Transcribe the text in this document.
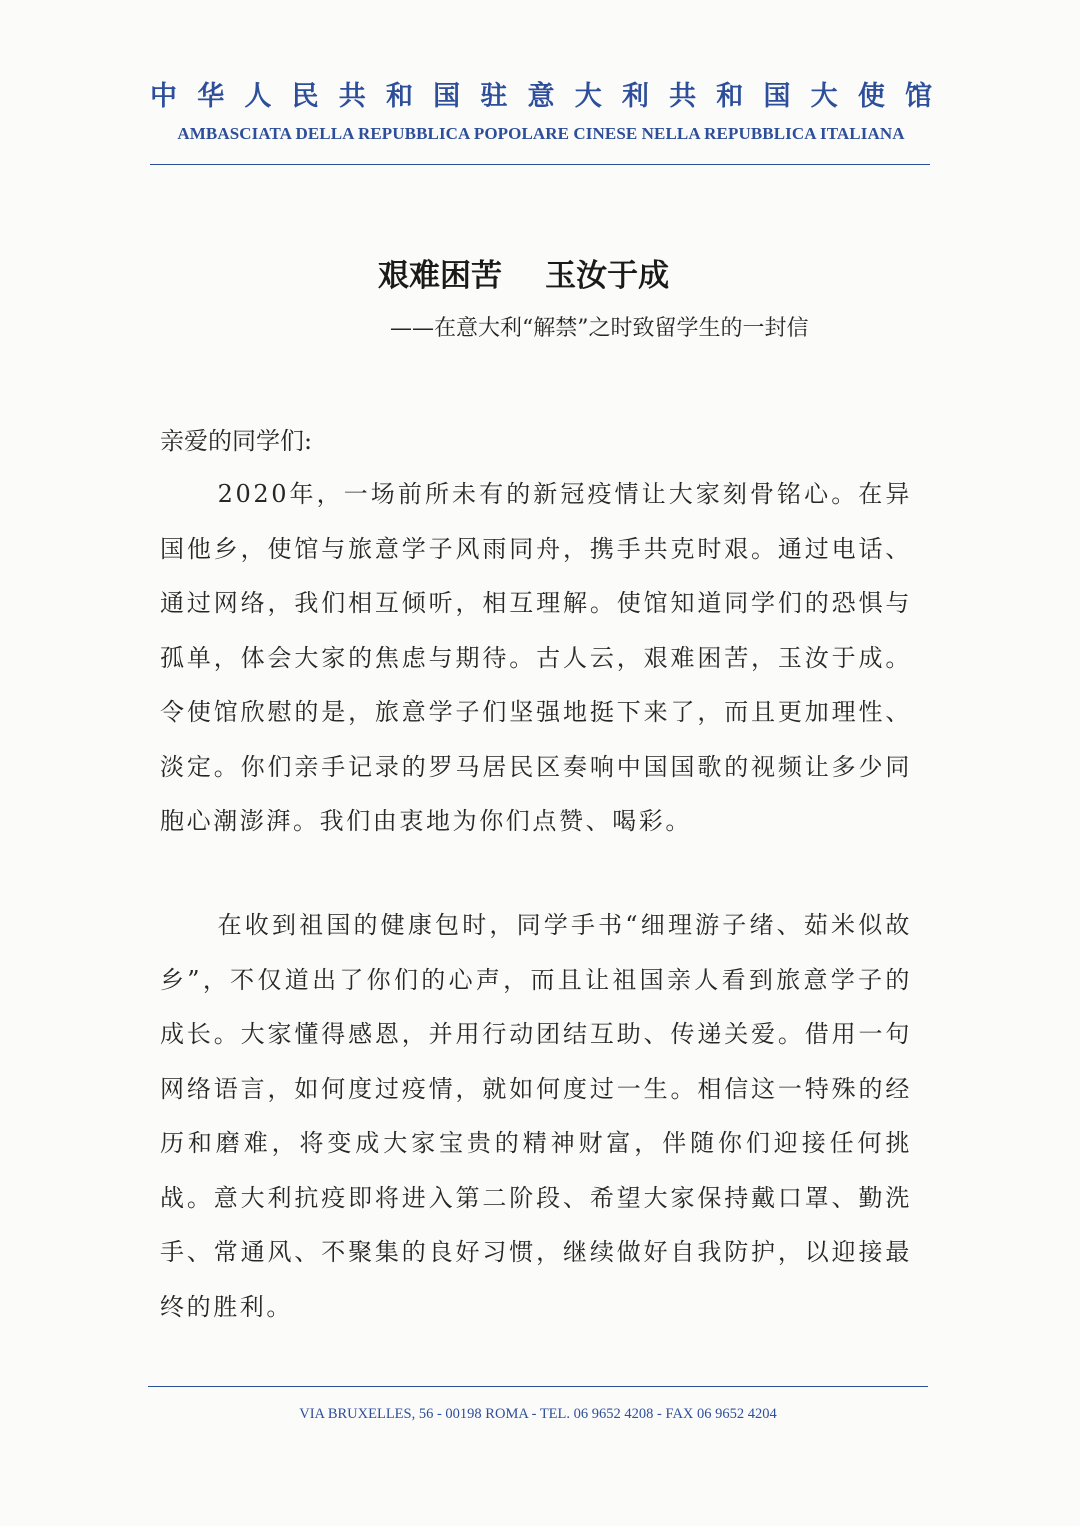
中 华 人 民 共 和 国 驻 意 大 利 共 和 国 大 使 馆
AMBASCIATA DELLA REPUBBLICA POPOLARE CINESE NELLA REPUBBLICA ITALIANA
艰难困苦    玉汝于成
——在意大利“解禁”之时致留学生的一封信
亲爱的同学们:

2020年，一场前所未有的新冠疫情让大家刻骨铭心。在异国他乡，使馆与旅意学子风雨同舟，携手共克时艰。通过电话、通过网络，我们相互倾听，相互理解。使馆知道同学们的恐惧与孤单，体会大家的焦虑与期待。古人云，艰难困苦，玉汝于成。令使馆欣慰的是，旅意学子们坚强地挺下来了，而且更加理性、淡定。你们亲手记录的罗马居民区奏响中国国歌的视频让多少同胞心潮澎湃。我们由衷地为你们点赞、喝彩。

在收到祖国的健康包时，同学手书“细理游子绪、茹米似故乡”，不仅道出了你们的心声，而且让祖国亲人看到旅意学子的成长。大家懂得感恩，并用行动团结互助、传递关爱。借用一句网络语言，如何度过疫情，就如何度过一生。相信这一特殊的经历和磨难，将变成大家宝贵的精神财富，伴随你们迎接任何挑战。意大利抗疫即将进入第二阶段、希望大家保持戴口罩、勤洗手、常通风、不聚集的良好习惯，继续做好自我防护，以迎接最终的胜利。

VIA BRUXELLES, 56 - 00198 ROMA - TEL. 06 9652 4208 - FAX 06 9652 4204
